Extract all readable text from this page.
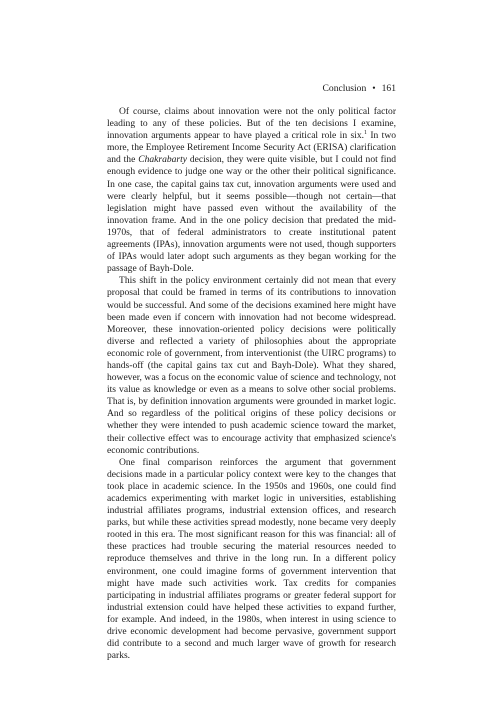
Conclusion • 161

Of course, claims about innovation were not the only political factor leading to any of these policies. But of the ten decisions I examine, innovation arguments appear to have played a critical role in six.$^1$ In two more, the Employee Retirement Income Security Act (ERISA) clarification and the Chakrabarty decision, they were quite visible, but I could not find enough evidence to judge one way or the other their political significance. In one case, the capital gains tax cut, innovation arguments were used and were clearly helpful, but it seems possible—though not certain—that legislation might have passed even without the availability of the innovation frame. And in the one policy decision that predated the mid-1970s, that of federal administrators to create institutional patent agreements (IPAs), innovation arguments were not used, though supporters of IPAs would later adopt such arguments as they began working for the passage of Bayh-Dole.

This shift in the policy environment certainly did not mean that every proposal that could be framed in terms of its contributions to innovation would be successful. And some of the decisions examined here might have been made even if concern with innovation had not become widespread. Moreover, these innovation-oriented policy decisions were politically diverse and reflected a variety of philosophies about the appropriate economic role of government, from interventionist (the UIRC programs) to hands-off (the capital gains tax cut and Bayh-Dole). What they shared, however, was a focus on the economic value of science and technology, not its value as knowledge or even as a means to solve other social problems. That is, by definition innovation arguments were grounded in market logic. And so regardless of the political origins of these policy decisions or whether they were intended to push academic science toward the market, their collective effect was to encourage activity that emphasized science's economic contributions.

One final comparison reinforces the argument that government decisions made in a particular policy context were key to the changes that took place in academic science. In the 1950s and 1960s, one could find academics experimenting with market logic in universities, establishing industrial affiliates programs, industrial extension offices, and research parks, but while these activities spread modestly, none became very deeply rooted in this era. The most significant reason for this was financial: all of these practices had trouble securing the material resources needed to reproduce themselves and thrive in the long run. In a different policy environment, one could imagine forms of government intervention that might have made such activities work. Tax credits for companies participating in industrial affiliates programs or greater federal support for industrial extension could have helped these activities to expand further, for example. And indeed, in the 1980s, when interest in using science to drive economic development had become pervasive, government support did contribute to a second and much larger wave of growth for research parks.
